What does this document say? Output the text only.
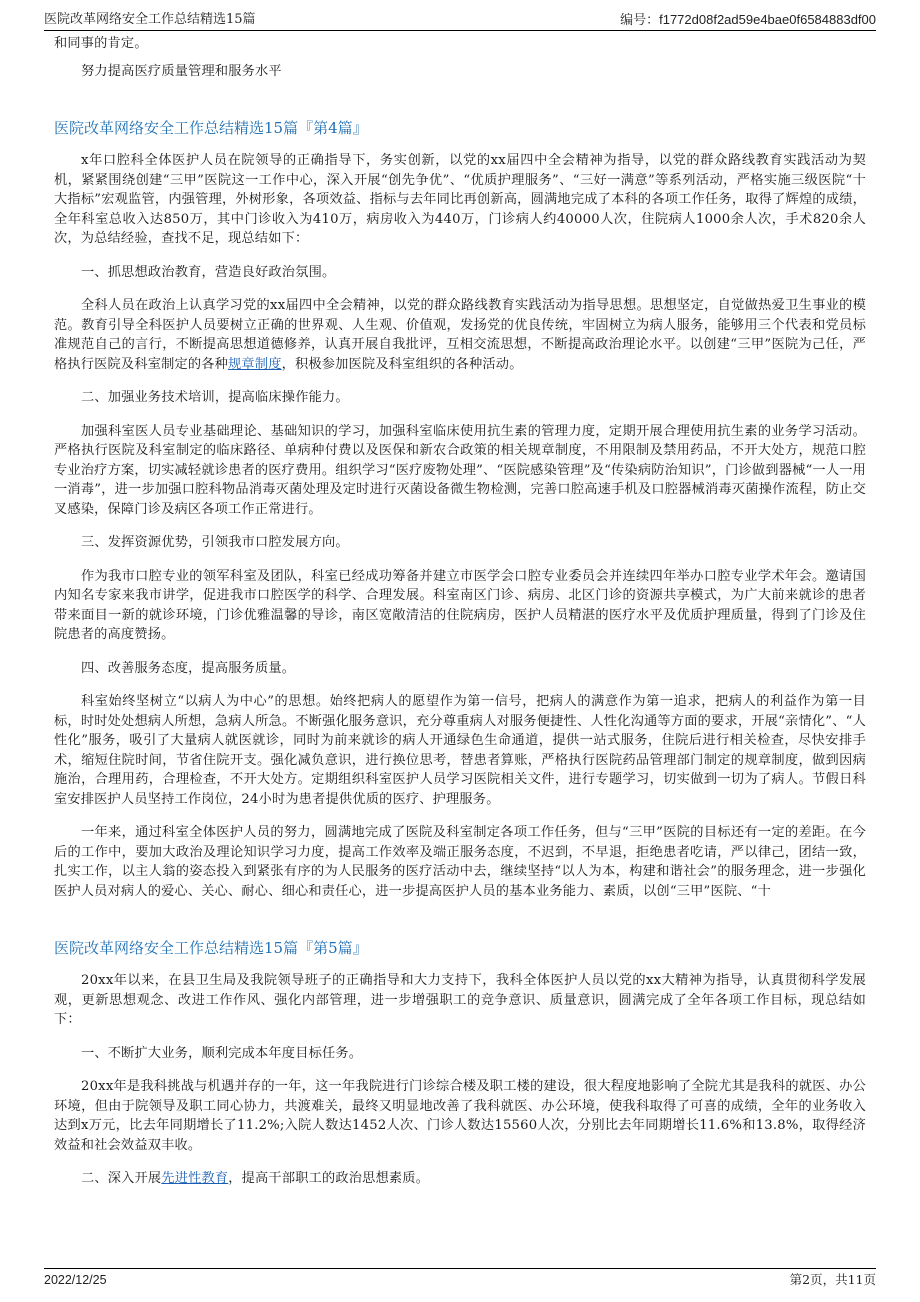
医院改革网络安全工作总结精选15篇	编号：f1772d08f2ad59e4bae0f6584883df00

和同事的肯定。

努力提高医疗质量管理和服务水平

医院改革网络安全工作总结精选15篇『第4篇』

x年口腔科全体医护人员在院领导的正确指导下，务实创新，以党的xx届四中全会精神为指导，以党的群众路线教育实践活动为契机，紧紧围绕创建“三甲”医院这一工作中心，深入开展“创先争优”、“优质护理服务”、“三好一满意”等系列活动，严格实施三级医院“十大指标”宏观监管，内强管理，外树形象，各项效益、指标与去年同比再创新高，圆满地完成了本科的各项工作任务，取得了辉煌的成绩，全年科室总收入达850万，其中门诊收入为410万，病房收入为440万，门诊病人约40000人次，住院病人1000余人次，手术820余人次，为总结经验，查找不足，现总结如下：

一、抓思想政治教育，营造良好政治氛围。

全科人员在政治上认真学习党的xx届四中全会精神，以党的群众路线教育实践活动为指导思想。思想坚定，自觉做热爱卫生事业的模范。教育引导全科医护人员要树立正确的世界观、人生观、价值观，发扬党的优良传统，牢固树立为病人服务，能够用三个代表和党员标准规范自己的言行，不断提高思想道德修养，认真开展自我批评，互相交流思想，不断提高政治理论水平。以创建“三甲”医院为己任，严格执行医院及科室制定的各种规章制度，积极参加医院及科室组织的各种活动。

二、加强业务技术培训，提高临床操作能力。

加强科室医人员专业基础理论、基础知识的学习，加强科室临床使用抗生素的管理力度，定期开展合理使用抗生素的业务学习活动。严格执行医院及科室制定的临床路径、单病种付费以及医保和新农合政策的相关规章制度，不用限制及禁用药品，不开大处方，规范口腔专业治疗方案，切实减轻就诊患者的医疗费用。组织学习“医疗废物处理”、“医院感染管理”及“传染病防治知识”，门诊做到器械“一人一用一消毒”，进一步加强口腔科物品消毒灭菌处理及定时进行灭菌设备微生物检测，完善口腔高速手机及口腔器械消毒灭菌操作流程，防止交叉感染，保障门诊及病区各项工作正常进行。

三、发挥资源优势，引领我市口腔发展方向。

作为我市口腔专业的领军科室及团队，科室已经成功筹备并建立市医学会口腔专业委员会并连续四年举办口腔专业学术年会。邀请国内知名专家来我市讲学，促进我市口腔医学的科学、合理发展。科室南区门诊、病房、北区门诊的资源共享模式，为广大前来就诊的患者带来面目一新的就诊环境，门诊优雅温馨的导诊，南区宽敞清洁的住院病房，医护人员精湛的医疗水平及优质护理质量，得到了门诊及住院患者的高度赞扬。

四、改善服务态度，提高服务质量。

科室始终坚树立“以病人为中心”的思想。始终把病人的愿望作为第一信号，把病人的满意作为第一追求，把病人的利益作为第一目标，时时处处想病人所想，急病人所急。不断强化服务意识，充分尊重病人对服务便捷性、人性化沟通等方面的要求，开展“亲情化”、“人性化”服务，吸引了大量病人就医就诊，同时为前来就诊的病人开通绿色生命通道，提供一站式服务，住院后进行相关检查，尽快安排手术，缩短住院时间，节省住院开支。强化减负意识，进行换位思考，替患者算账，严格执行医院药品管理部门制定的规章制度，做到因病施治，合理用药，合理检查，不开大处方。定期组织科室医护人员学习医院相关文件，进行专题学习，切实做到一切为了病人。节假日科室安排医护人员坚持工作岗位，24小时为患者提供优质的医疗、护理服务。

一年来，通过科室全体医护人员的努力，圆满地完成了医院及科室制定各项工作任务，但与“三甲”医院的目标还有一定的差距。在今后的工作中，要加大政治及理论知识学习力度，提高工作效率及端正服务态度，不迟到，不早退，拒绝患者吃请，严以律己，团结一致，扎实工作，以主人翁的姿态投入到紧张有序的为人民服务的医疗活动中去，继续坚持“以人为本，构建和谐社会”的服务理念，进一步强化医护人员对病人的爱心、关心、耐心、细心和责任心，进一步提高医护人员的基本业务能力、素质，以创“三甲”医院、“十

医院改革网络安全工作总结精选15篇『第5篇』

20xx年以来，在县卫生局及我院领导班子的正确指导和大力支持下，我科全体医护人员以党的xx大精神为指导，认真贯彻科学发展观，更新思想观念、改进工作作风、强化内部管理，进一步增强职工的竞争意识、质量意识，圆满完成了全年各项工作目标，现总结如下：

一、不断扩大业务，顺利完成本年度目标任务。

20xx年是我科挑战与机遇并存的一年，这一年我院进行门诊综合楼及职工楼的建设，很大程度地影响了全院尤其是我科的就医、办公环境，但由于院领导及职工同心协力，共渡难关，最终又明显地改善了我科就医、办公环境，使我科取得了可喜的成绩，全年的业务收入达到x万元，比去年同期增长了11.2%;入院人数达1452人次、门诊人数达15560人次，分别比去年同期增长11.6%和13.8%，取得经济效益和社会效益双丰收。

二、深入开展先进性教育，提高干部职工的政治思想素质。

2022/12/25	第2页，共11页
